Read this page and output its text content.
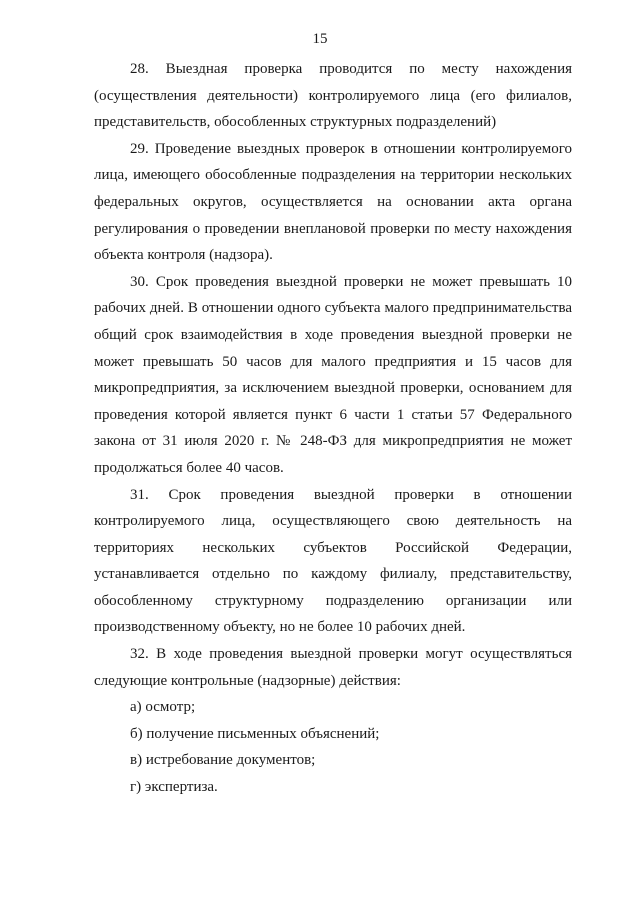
15

28. Выездная проверка проводится по месту нахождения (осуществления деятельности) контролируемого лица (его филиалов, представительств, обособленных структурных подразделений)

29. Проведение выездных проверок в отношении контролируемого лица, имеющего обособленные подразделения на территории нескольких федеральных округов, осуществляется на основании акта органа регулирования о проведении внеплановой проверки по месту нахождения объекта контроля (надзора).

30. Срок проведения выездной проверки не может превышать 10 рабочих дней. В отношении одного субъекта малого предпринимательства общий срок взаимодействия в ходе проведения выездной проверки не может превышать 50 часов для малого предприятия и 15 часов для микропредприятия, за исключением выездной проверки, основанием для проведения которой является пункт 6 части 1 статьи 57 Федерального закона от 31 июля 2020 г. № 248-ФЗ для микропредприятия не может продолжаться более 40 часов.

31. Срок проведения выездной проверки в отношении контролируемого лица, осуществляющего свою деятельность на территориях нескольких субъектов Российской Федерации, устанавливается отдельно по каждому филиалу, представительству, обособленному структурному подразделению организации или производственному объекту, но не более 10 рабочих дней.

32. В ходе проведения выездной проверки могут осуществляться следующие контрольные (надзорные) действия:

а) осмотр;

б) получение письменных объяснений;

в) истребование документов;

г) экспертиза.
